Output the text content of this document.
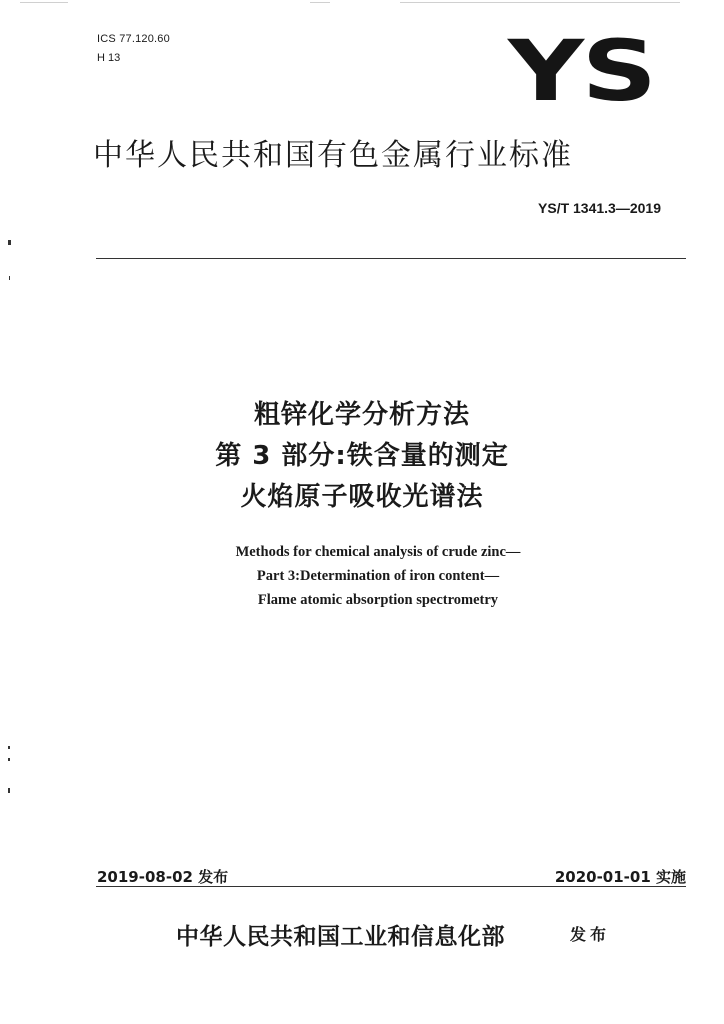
ICS 77.120.60
H 13	YS
中华人民共和国有色金属行业标准
YS/T 1341.3—2019
粗锌化学分析方法
第 3 部分:铁含量的测定
火焰原子吸收光谱法
Methods for chemical analysis of crude zinc—
Part 3:Determination of iron content—
Flame atomic absorption spectrometry
2019-08-02 发布	2020-01-01 实施
中华人民共和国工业和信息化部	发布
